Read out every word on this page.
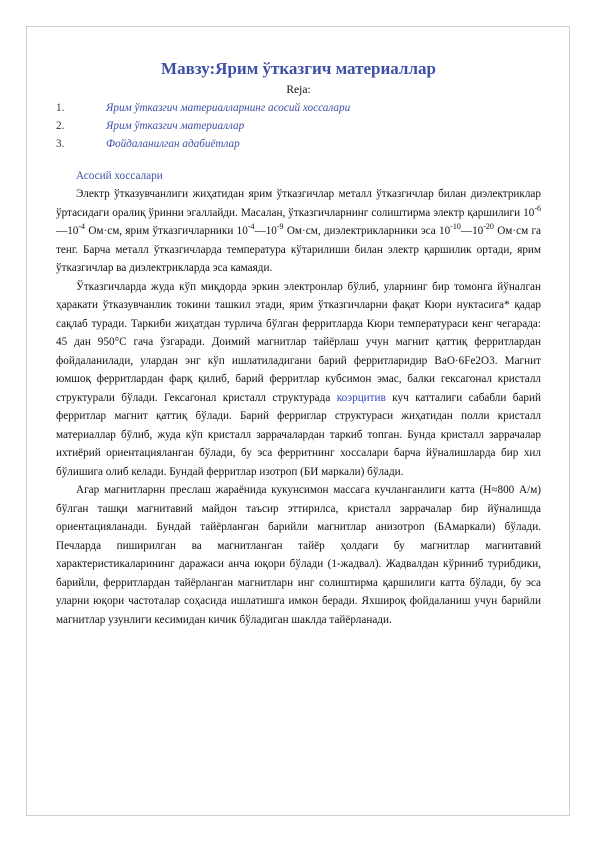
Мавзу:Ярим ўтказгич материаллар

Reja:

1.	Ярим ўтказгич материалларнинг асосий хоссалари
2.	Ярим ўтказгич материаллар
3.	Фойдаланилган адабиётлар
Асосий хоссалари

Электр ўтказувчанлиги жиҳатидан ярим ўтказгичлар металл ўтказгичлар билан диэлектриклар ўртасидаги оралиқ ўринни эгаллайди. Масалан, ўтказгичларнинг солиштирма электр қаршилиги $10^{-6}—10^{-4}$ Ом·см, ярим ўтказгичларники $10^{-4}—10^{-9}$ Ом·см, диэлектрикларники эса $10^{-10}—10^{-20}$ Ом·см га тенг. Барча металл ўтказгичларда температура кўтарилиши билан электр қаршилик ортади, ярим ўтказгичлар ва диэлектрикларда эса камаяди.

Ўтказгичларда жуда кўп миқдорда эркин электронлар бўлиб, уларнинг бир томонга йўналган ҳаракати ўтказувчанлик токини ташкил этади, ярим ўтказгичларни фақат Кюри нуктасига* қадар сақлаб туради. Таркиби жиҳатдан турлича бўлган ферритларда Кюри температураси кенг чегарада: 45 дан 950°С гача ўзгаради. Доимий магнитлар тайёрлаш учун магнит қаттиқ ферритлардан фойдаланилади, улардан энг кўп ишлатиладигани барий ферритларидир BaO·6Fe2O3. Магнит юмшоқ ферритлардан фарқ қилиб, барий ферритлар кубсимон эмас, балки гексагонал кристалл структурали бўлади. Гексагонал кристалл структурада коэрцитив куч катталиги сабабли барий ферритлар магнит қаттиқ бўлади. Барий ферриглар структураси жиҳатидан полли кристалл материаллар бўлиб, жуда кўп кристалл заррачалардан таркиб топган. Бунда кристалл заррачалар ихтиёрий ориентацияланган бўлади, бу эса ферритнинг хоссалари барча йўналишларда бир хил бўлишига олиб келади. Бундай ферритлар изотроп (БИ маркали) бўлади.

Агар магнитларнн преслаш жараёнида кукунсимон массага кучланганлиги катта (Н≈800 А/м) бўлган ташқи магнитавий майдон таъсир эттирилса, кристалл заррачалар бир йўналишда ориентацияланади. Бундай тайёрланган барийли магнитлар анизотроп (БАмаркали) бўлади. Печларда пиширилган ва магнитланган тайёр ҳолдаги бу магнитлар магнитавий характеристикаларининг даражаси анча юқори бўлади (1-жадвал). Жадвалдан кўриниб турибдики, барийли, ферритлардан тайёрланган магнитларн инг солиштирма қаршилиги катта бўлади, бу эса уларни юқори частоталар соҳасида ишлатишга имкон беради. Яхшироқ фойдаланиш учун барийли магнитлар узунлиги кесимидан кичик бўладиган шаклда тайёрланади.
